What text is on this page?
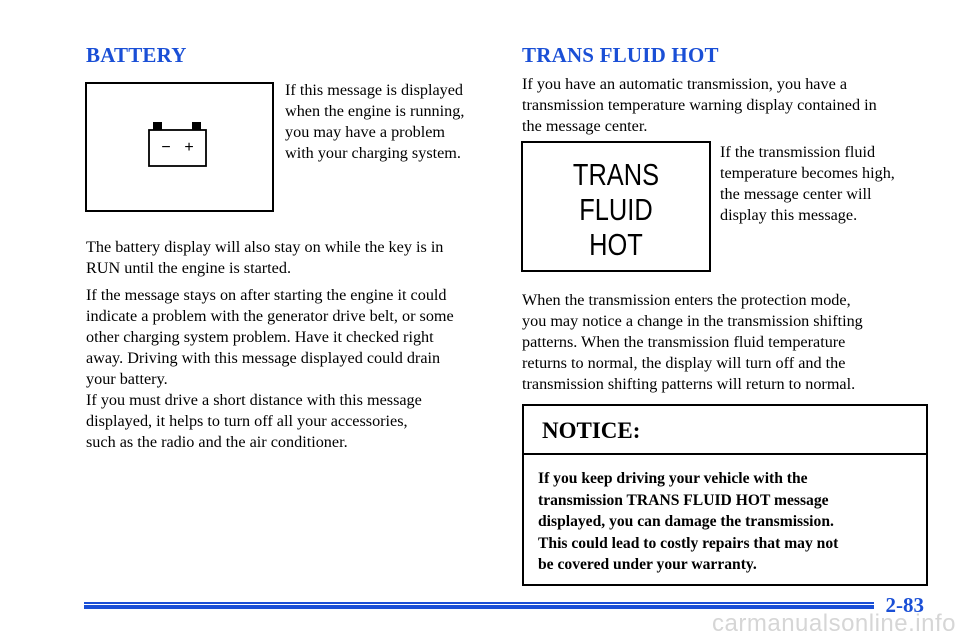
BATTERY
− +
If this message is displayed
when the engine is running,
you may have a problem
with your charging system.
The battery display will also stay on while the key is in
RUN until the engine is started.
If the message stays on after starting the engine it could
indicate a problem with the generator drive belt, or some
other charging system problem. Have it checked right
away. Driving with this message displayed could drain
your battery.
If you must drive a short distance with this message
displayed, it helps to turn off all your accessories,
such as the radio and the air conditioner.
TRANS FLUID HOT
If you have an automatic transmission, you have a
transmission temperature warning display contained in
the message center.
TRANS
FLUID
HOT
If the transmission fluid
temperature becomes high,
the message center will
display this message.
When the transmission enters the protection mode,
you may notice a change in the transmission shifting
patterns. When the transmission fluid temperature
returns to normal, the display will turn off and the
transmission shifting patterns will return to normal.
NOTICE:
If you keep driving your vehicle with the
transmission TRANS FLUID HOT message
displayed, you can damage the transmission.
This could lead to costly repairs that may not
be covered under your warranty.
2-83
carmanualsonline.info
